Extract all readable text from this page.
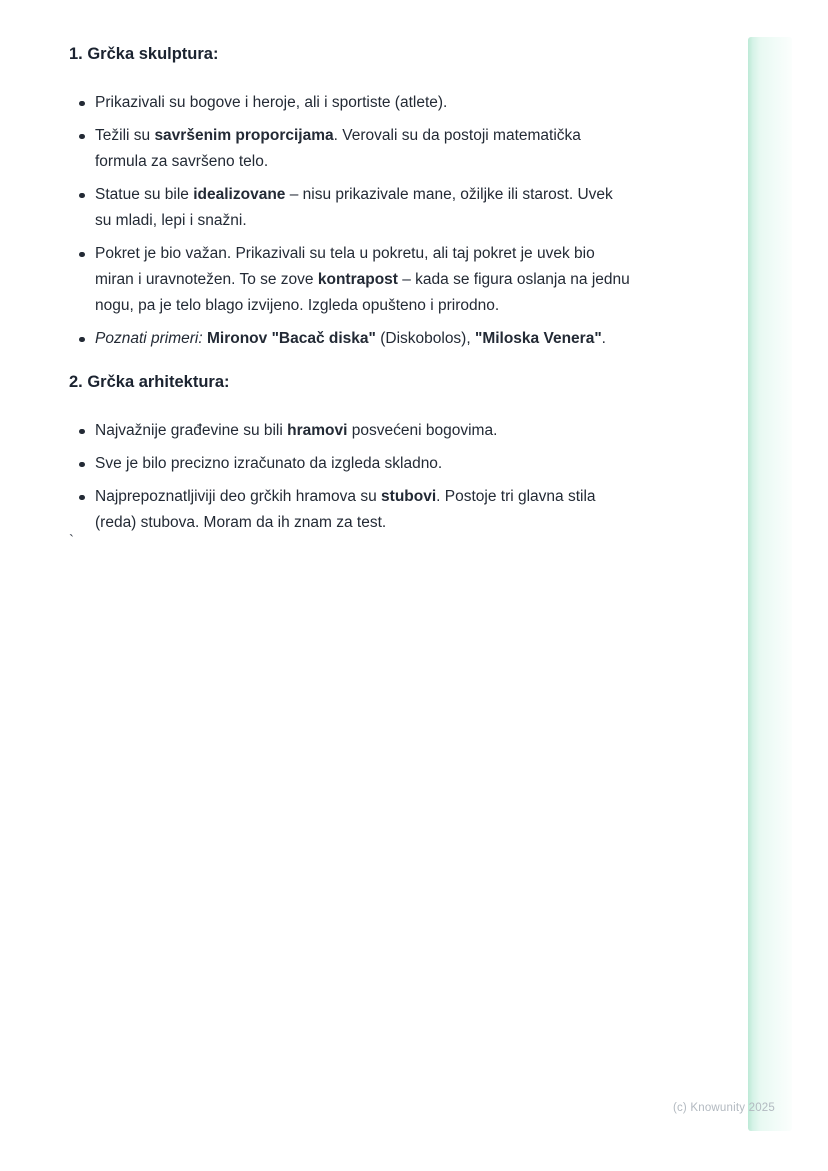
1. Grčka skulptura:
Prikazivali su bogove i heroje, ali i sportiste (atlete).
Težili su savršenim proporcijama. Verovali su da postoji matematička formula za savršeno telo.
Statue su bile idealizovane – nisu prikazivale mane, ožiljke ili starost. Uvek su mladi, lepi i snažni.
Pokret je bio važan. Prikazivali su tela u pokretu, ali taj pokret je uvek bio miran i uravnotežen. To se zove kontrapost – kada se figura oslanja na jednu nogu, pa je telo blago izvijeno. Izgleda opušteno i prirodno.
Poznati primeri: Mironov "Bacač diska" (Diskobolos), "Miloska Venera".
2. Grčka arhitektura:
Najvažnije građevine su bili hramovi posvećeni bogovima.
Sve je bilo precizno izračunato da izgleda skladno.
Najprepoznatljiviji deo grčkih hramova su stubovi. Postoje tri glavna stila (reda) stubova. Moram da ih znam za test.
`
(c) Knowunity 2025
